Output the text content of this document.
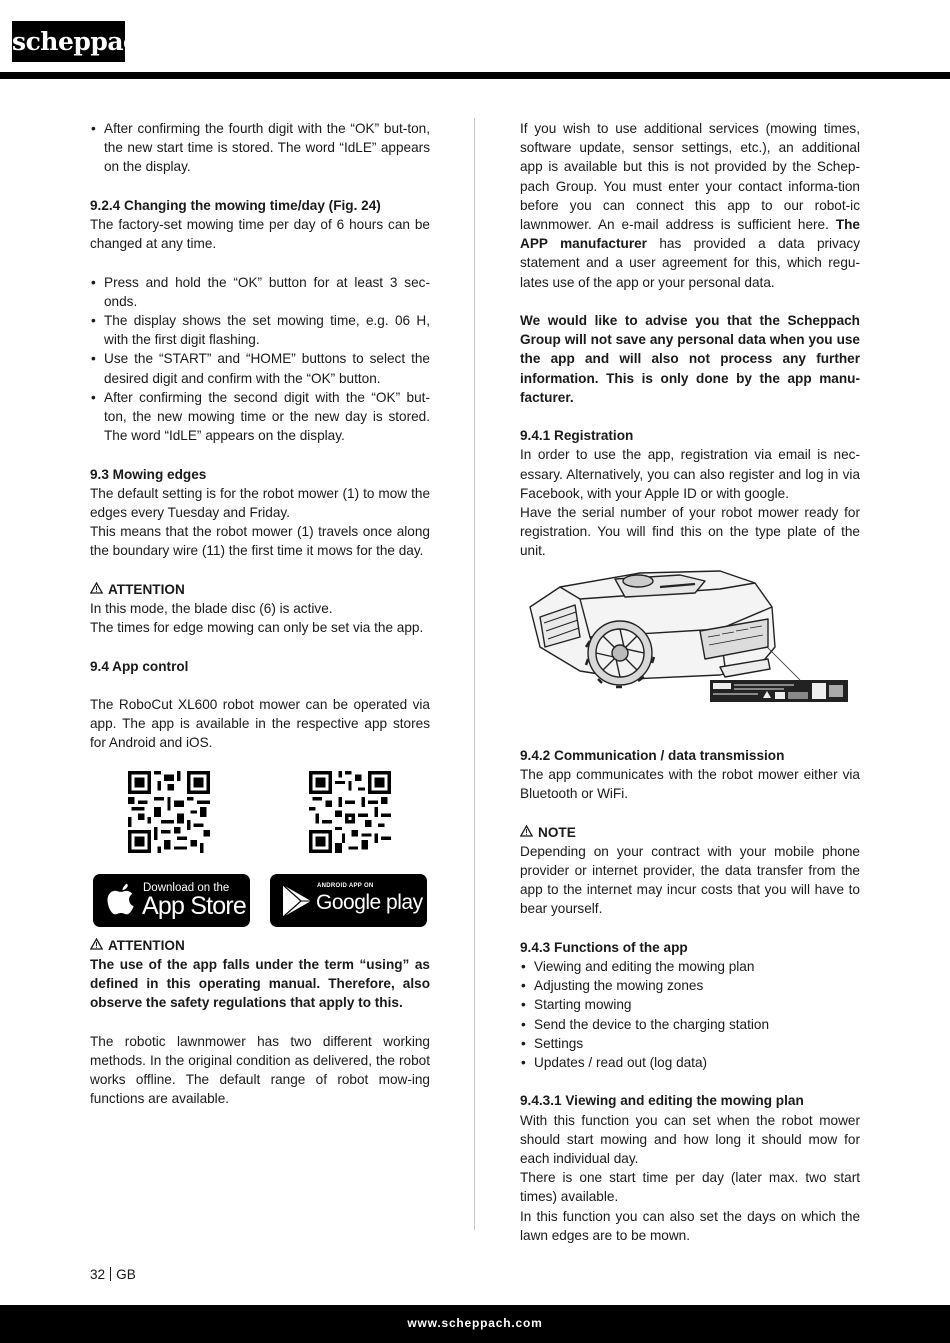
scheppach
• After confirming the fourth digit with the “OK” but-ton, the new start time is stored. The word “IdLE” appears on the display.

9.2.4 Changing the mowing time/day (Fig. 24)

The factory-set mowing time per day of 6 hours can be changed at any time.

• Press and hold the “OK” button for at least 3 sec-onds.
• The display shows the set mowing time, e.g. 06 H, with the first digit flashing.
• Use the “START” and “HOME” buttons to select the desired digit and confirm with the “OK” button.
• After confirming the second digit with the “OK” but-ton, the new mowing time or the new day is stored. The word “IdLE” appears on the display.

9.3 Mowing edges

The default setting is for the robot mower (1) to mow the edges every Tuesday and Friday.

This means that the robot mower (1) travels once along the boundary wire (11) the first time it mows for the day.

ATTENTION

In this mode, the blade disc (6) is active.

The times for edge mowing can only be set via the app.

9.4 App control

The RoboCut XL600 robot mower can be operated via app. The app is available in the respective app stores for Android and iOS.

Download on the
App Store
ANDROID APP ON
Google play

ATTENTION

The use of the app falls under the term “using” as defined in this operating manual. Therefore, also observe the safety regulations that apply to this.

The robotic lawnmower has two different working methods. In the original condition as delivered, the robot works offline. The default range of robot mow-ing functions are available.

If you wish to use additional services (mowing times, software update, sensor settings, etc.), an additional app is available but this is not provided by the Schep-pach Group. You must enter your contact informa-tion before you can connect this app to our robot-ic lawnmower. An e-mail address is sufficient here. The APP manufacturer has provided a data privacy statement and a user agreement for this, which regu-lates use of the app or your personal data.

We would like to advise you that the Scheppach Group will not save any personal data when you use the app and will also not process any further information. This is only done by the app manu-facturer.

9.4.1 Registration

In order to use the app, registration via email is nec-essary. Alternatively, you can also register and log in via Facebook, with your Apple ID or with google.

Have the serial number of your robot mower ready for registration. You will find this on the type plate of the unit.

9.4.2 Communication / data transmission

The app communicates with the robot mower either via Bluetooth or WiFi.

NOTE

Depending on your contract with your mobile phone provider or internet provider, the data transfer from the app to the internet may incur costs that you will have to bear yourself.

9.4.3 Functions of the app

• Viewing and editing the mowing plan
• Adjusting the mowing zones
• Starting mowing
• Send the device to the charging station
• Settings
• Updates / read out (log data)

9.4.3.1 Viewing and editing the mowing plan

With this function you can set when the robot mower should start mowing and how long it should mow for each individual day.

There is one start time per day (later max. two start times) available.

In this function you can also set the days on which the lawn edges are to be mown.

32 GB
www.scheppach.com
